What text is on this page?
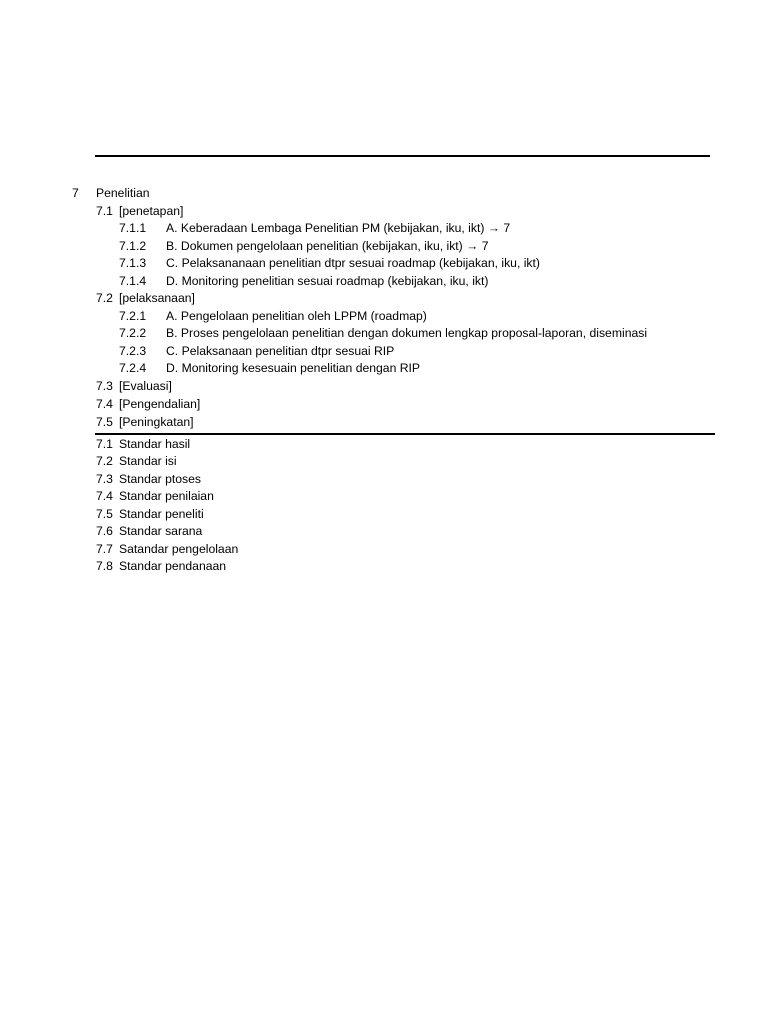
7 Penelitian
7.1 [penetapan]
7.1.1 A. Keberadaan Lembaga Penelitian PM (kebijakan, iku, ikt) → 7
7.1.2 B. Dokumen pengelolaan penelitian (kebijakan, iku, ikt) → 7
7.1.3 C. Pelaksananaan penelitian dtpr sesuai roadmap (kebijakan, iku, ikt)
7.1.4 D. Monitoring penelitian sesuai roadmap (kebijakan, iku, ikt)
7.2 [pelaksanaan]
7.2.1 A. Pengelolaan penelitian oleh LPPM (roadmap)
7.2.2 B. Proses pengelolaan penelitian dengan dokumen lengkap proposal-laporan, diseminasi
7.2.3 C. Pelaksanaan penelitian dtpr sesuai RIP
7.2.4 D. Monitoring kesesuain penelitian dengan RIP
7.3 [Evaluasi]
7.4 [Pengendalian]
7.5 [Peningkatan]
7.1 Standar hasil
7.2 Standar isi
7.3 Standar ptoses
7.4 Standar penilaian
7.5 Standar peneliti
7.6 Standar sarana
7.7 Satandar pengelolaan
7.8 Standar pendanaan
